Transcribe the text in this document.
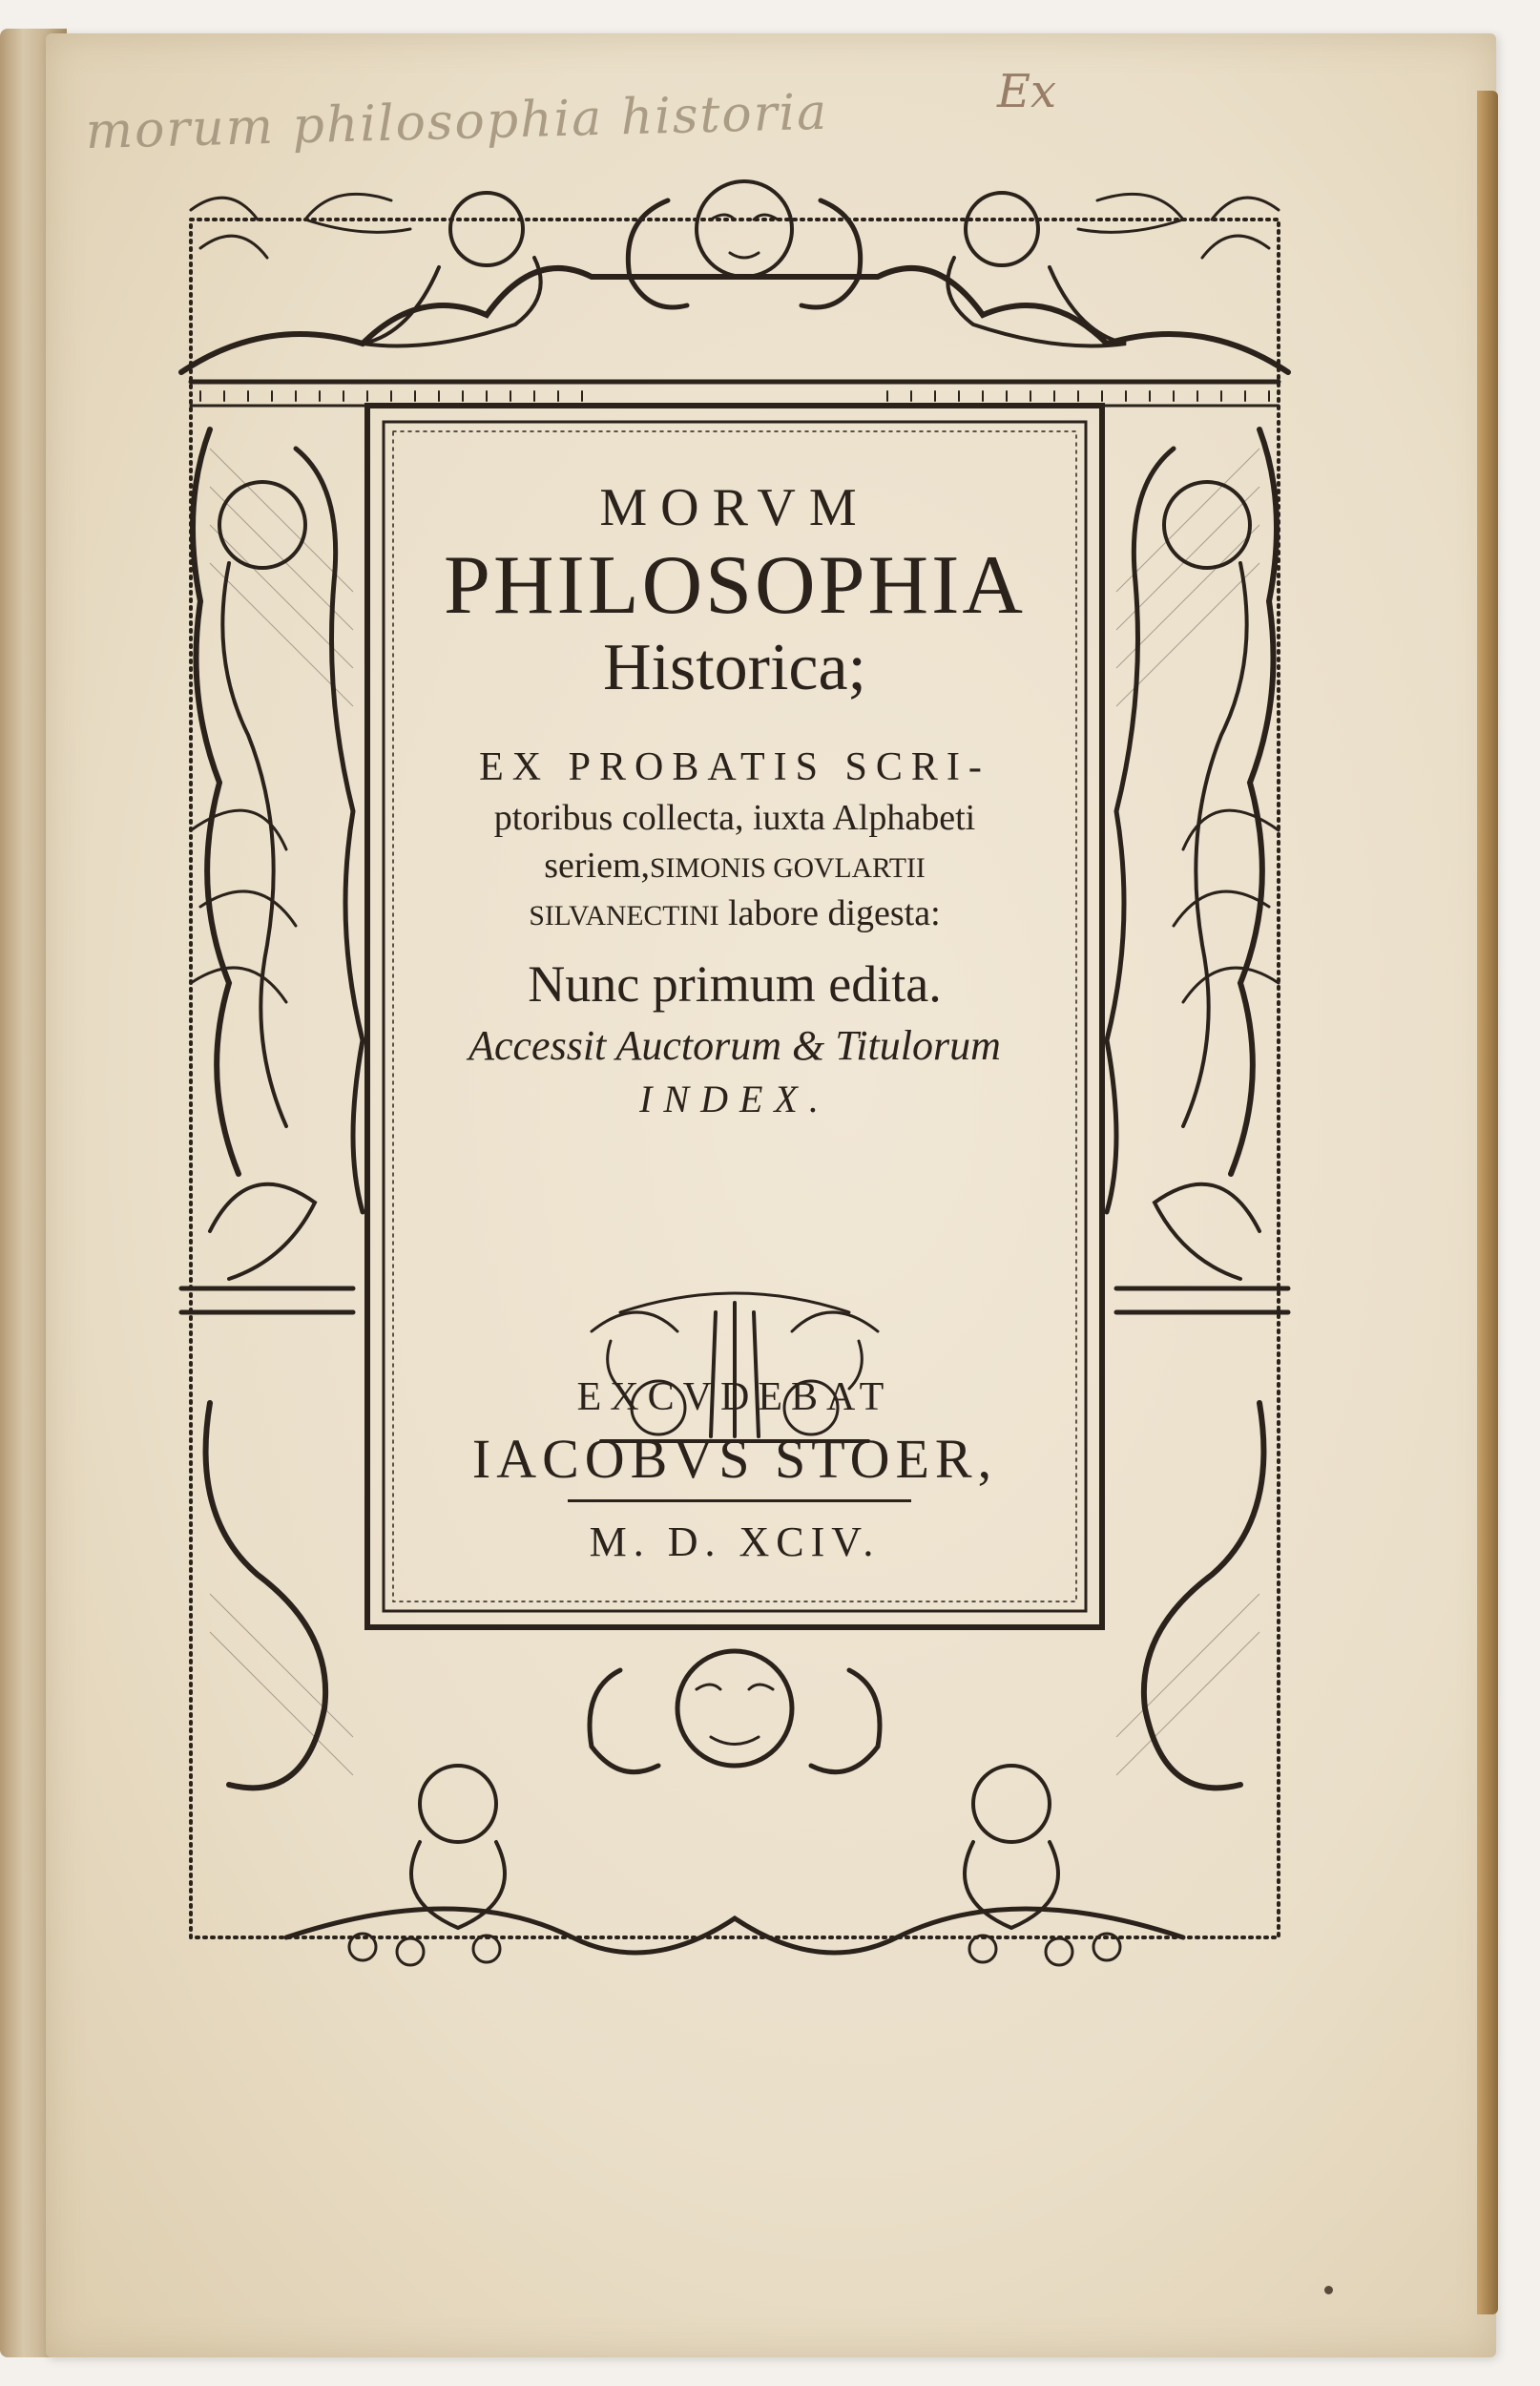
morum philosophia historia	Ex
MORVM
PHILOSOPHIA
Historica;
EX PROBATIS SCRI-
ptoribus collecta, iuxta Alphabeti
seriem,SIMONIS GOVLARTII
SILVANECTINI labore digesta:
Nunc primum edita.
Accessit Auctorum & Titulorum
INDEX.
EXCVDEBAT
IACOBVS STOER,
M. D. XCIV.
